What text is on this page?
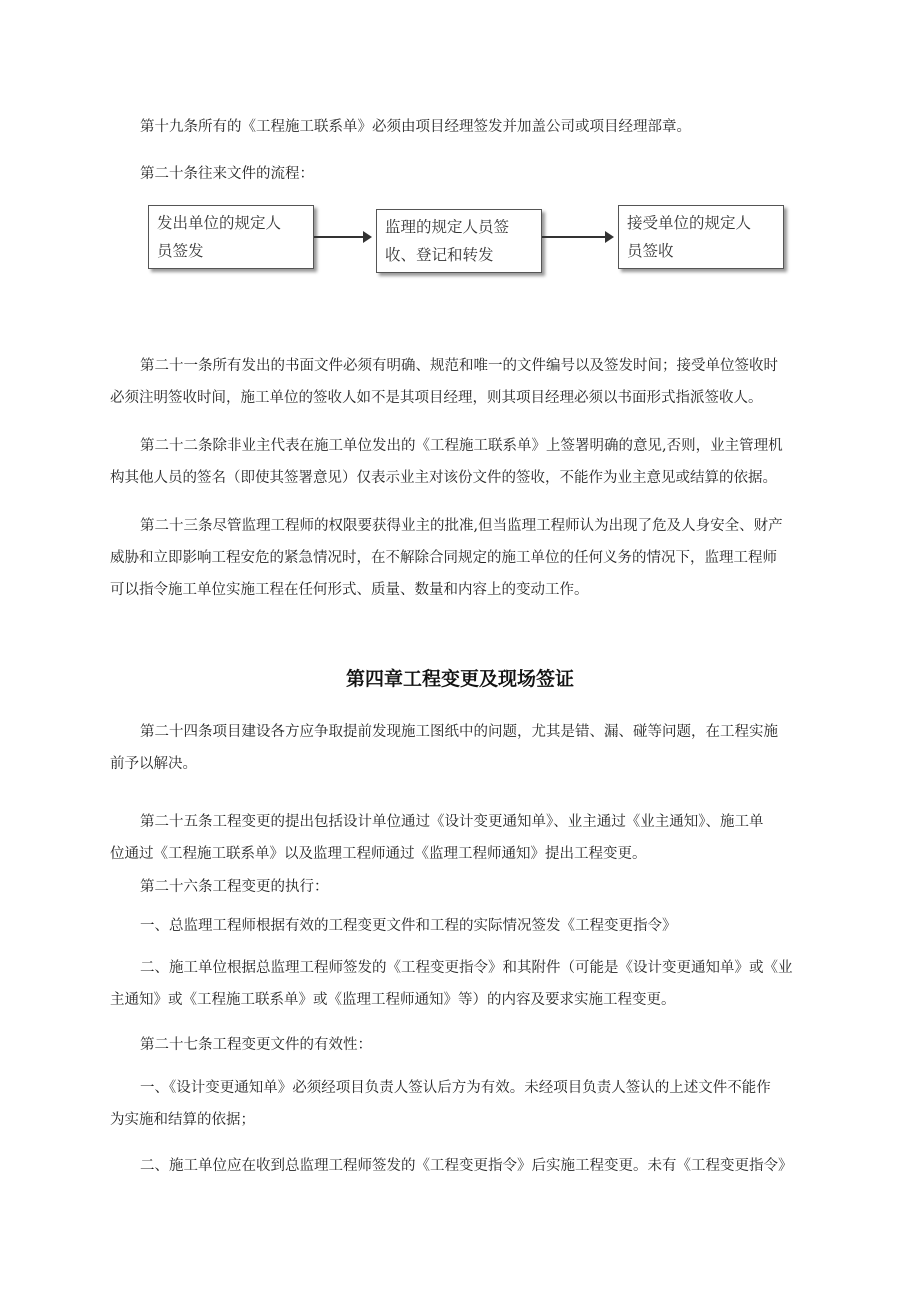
第十九条所有的《工程施工联系单》必须由项目经理签发并加盖公司或项目经理部章。

第二十条往来文件的流程：

发出单位的规定人
员签发
监理的规定人员签
收、登记和转发
接受单位的规定人
员签收
第二十一条所有发出的书面文件必须有明确、规范和唯一的文件编号以及签发时间；接受单位签收时
必须注明签收时间，施工单位的签收人如不是其项目经理，则其项目经理必须以书面形式指派签收人。
第二十二条除非业主代表在施工单位发出的《工程施工联系单》上签署明确的意见,否则，业主管理机
构其他人员的签名（即使其签署意见）仅表示业主对该份文件的签收，不能作为业主意见或结算的依据。
第二十三条尽管监理工程师的权限要获得业主的批准,但当监理工程师认为出现了危及人身安全、财产
威胁和立即影响工程安危的紧急情况时，在不解除合同规定的施工单位的任何义务的情况下，监理工程师
可以指令施工单位实施工程在任何形式、质量、数量和内容上的变动工作。
第四章工程变更及现场签证
第二十四条项目建设各方应争取提前发现施工图纸中的问题，尤其是错、漏、碰等问题，在工程实施
前予以解决。
第二十五条工程变更的提出包括设计单位通过《设计变更通知单》、业主通过《业主通知》、施工单
位通过《工程施工联系单》以及监理工程师通过《监理工程师通知》提出工程变更。

第二十六条工程变更的执行：

一、总监理工程师根据有效的工程变更文件和工程的实际情况签发《工程变更指令》

二、施工单位根据总监理工程师签发的《工程变更指令》和其附件（可能是《设计变更通知单》或《业
主通知》或《工程施工联系单》或《监理工程师通知》等）的内容及要求实施工程变更。

第二十七条工程变更文件的有效性：

一、《设计变更通知单》必须经项目负责人签认后方为有效。未经项目负责人签认的上述文件不能作
为实施和结算的依据；
二、施工单位应在收到总监理工程师签发的《工程变更指令》后实施工程变更。未有《工程变更指令》
